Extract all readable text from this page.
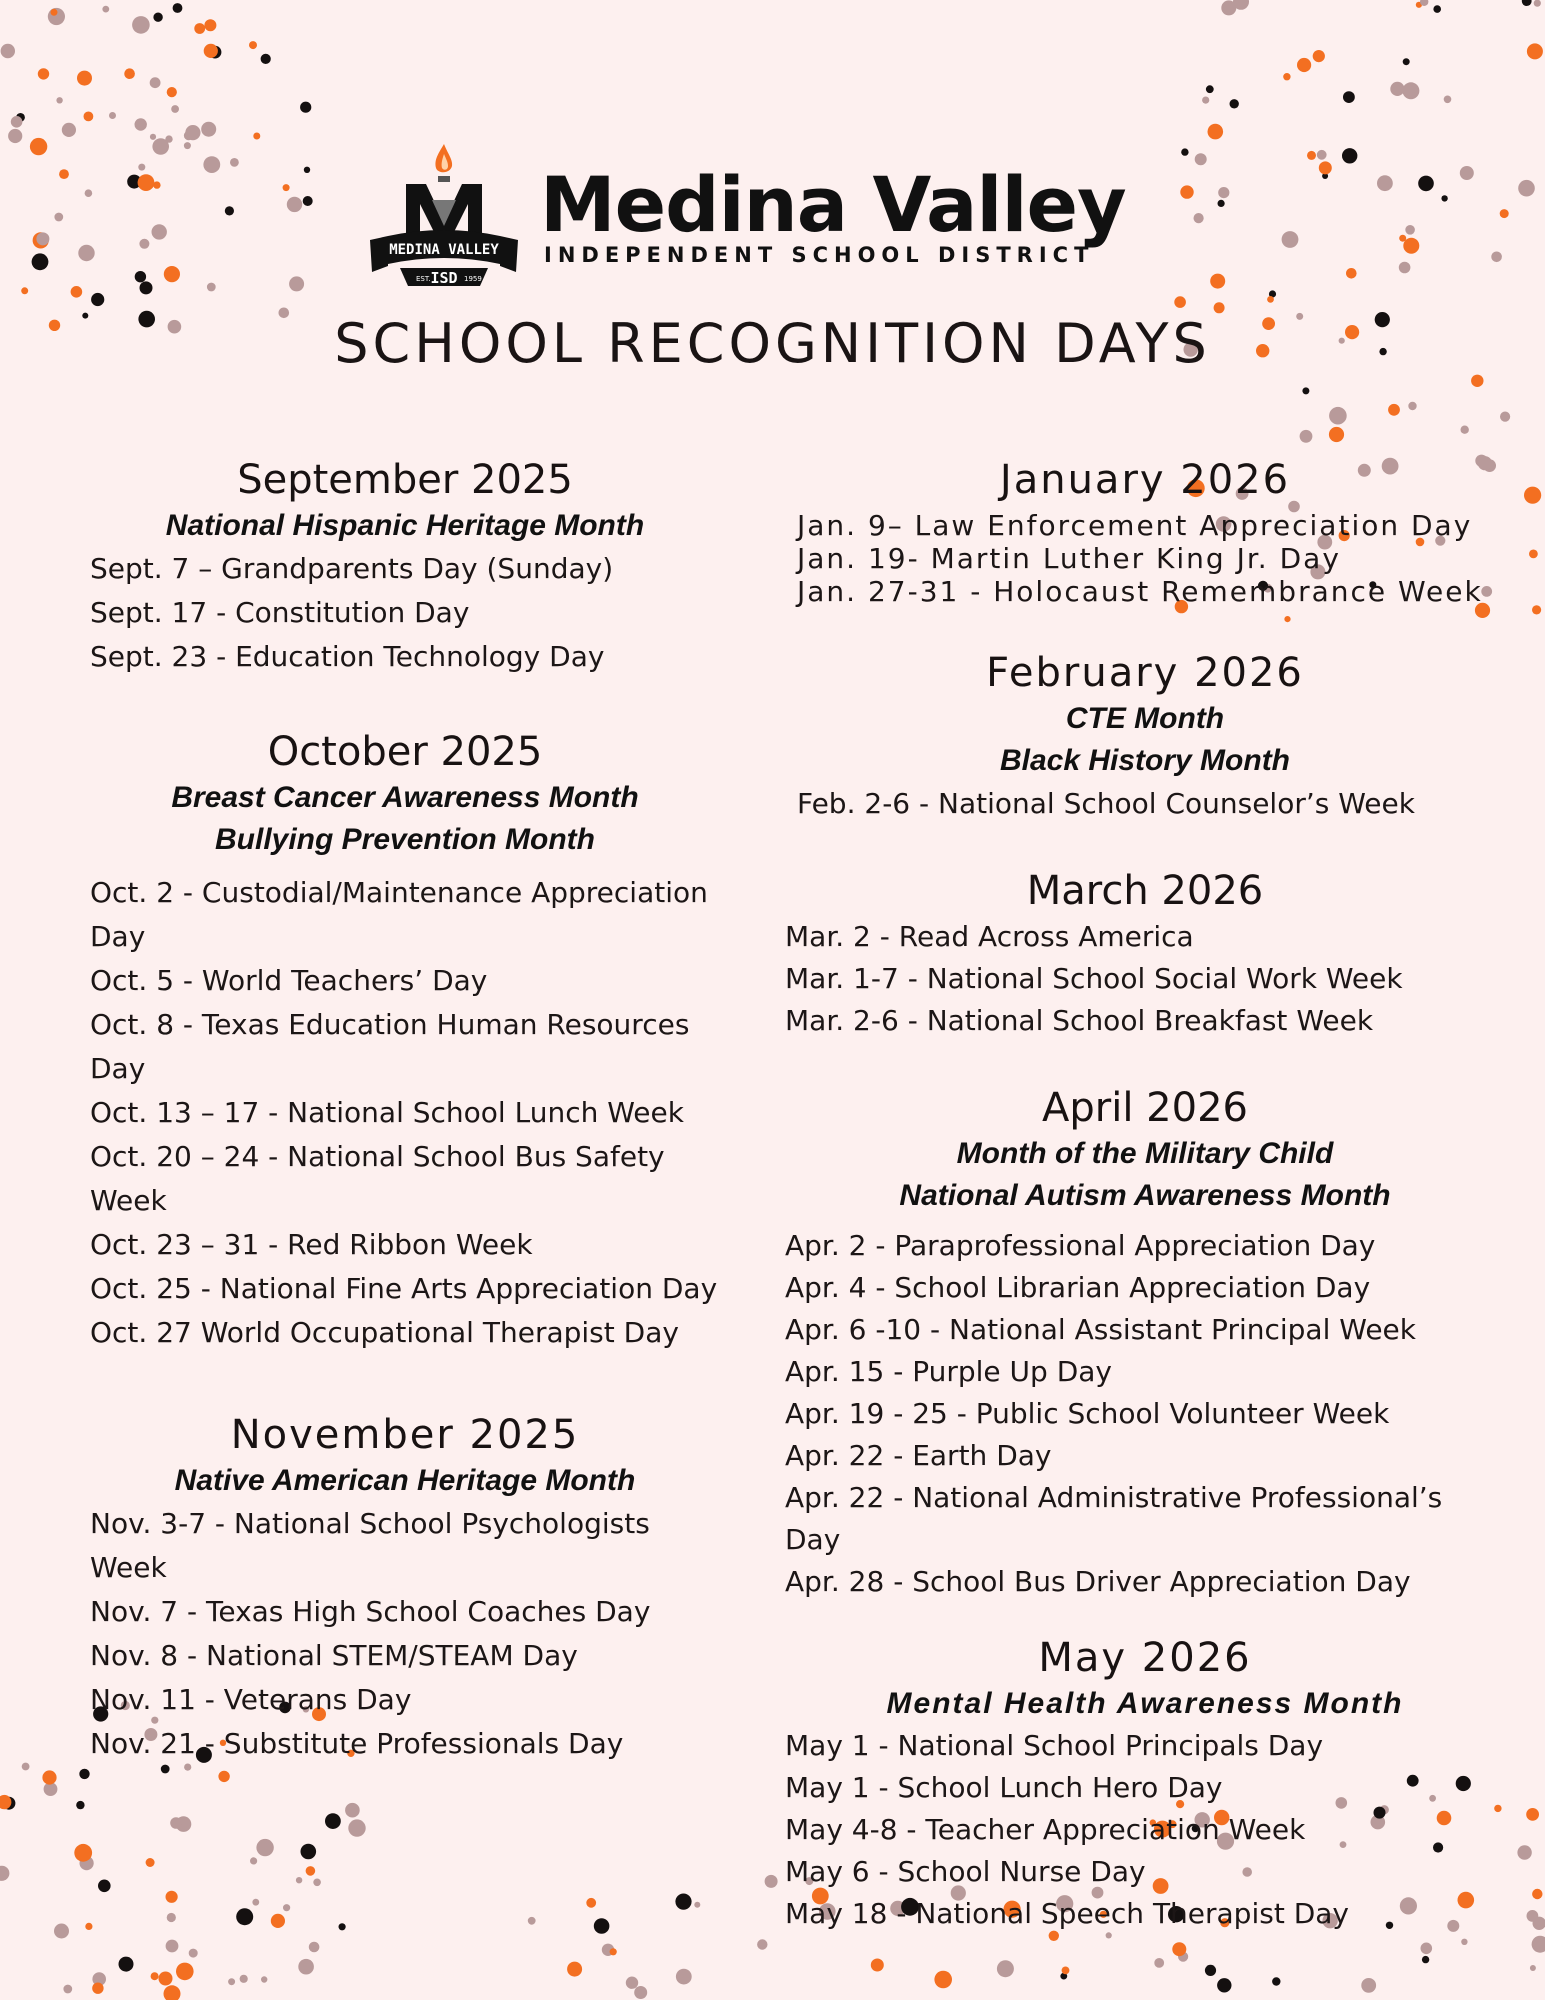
MEDINA VALLEY
EST. ISD 1959
Medina Valley
INDEPENDENT SCHOOL DISTRICT
SCHOOL RECOGNITION DAYS
September 2025
National Hispanic Heritage Month
Sept. 7 – Grandparents Day (Sunday)
Sept. 17 - Constitution Day
Sept. 23 - Education Technology Day
October 2025
Breast Cancer Awareness Month
Bullying Prevention Month
Oct. 2 - Custodial/Maintenance Appreciation Day
Oct. 5 - World Teachers’ Day
Oct. 8 - Texas Education Human Resources Day
Oct. 13 – 17 - National School Lunch Week
Oct. 20 – 24 - National School Bus Safety Week
Oct. 23 – 31 - Red Ribbon Week
Oct. 25 - National Fine Arts Appreciation Day
Oct. 27 World Occupational Therapist Day
November 2025
Native American Heritage Month
Nov. 3-7 - National School Psychologists Week
Nov. 7 - Texas High School Coaches Day
Nov. 8 - National STEM/STEAM Day
Nov. 11 - Veterans Day
Nov. 21 - Substitute Professionals Day
January 2026
Jan. 9– Law Enforcement Appreciation Day
Jan. 19- Martin Luther King Jr. Day
Jan. 27-31 - Holocaust Remembrance Week
February 2026
CTE Month
Black History Month
Feb. 2-6 - National School Counselor’s Week
March 2026
Mar. 2 - Read Across America
Mar. 1-7 - National School Social Work Week
Mar. 2-6 - National School Breakfast Week
April 2026
Month of the Military Child
National Autism Awareness Month
Apr. 2 - Paraprofessional Appreciation Day
Apr. 4 - School Librarian Appreciation Day
Apr. 6 -10 - National Assistant Principal Week
Apr. 15 - Purple Up Day
Apr. 19 - 25 - Public School Volunteer Week
Apr. 22 - Earth Day
Apr. 22 - National Administrative Professional’s Day
Apr. 28 - School Bus Driver Appreciation Day
May 2026
Mental Health Awareness Month
May 1 - National School Principals Day
May 1 - School Lunch Hero Day
May 4-8 - Teacher Appreciation Week
May 6 - School Nurse Day
May 18 - National Speech Therapist Day
